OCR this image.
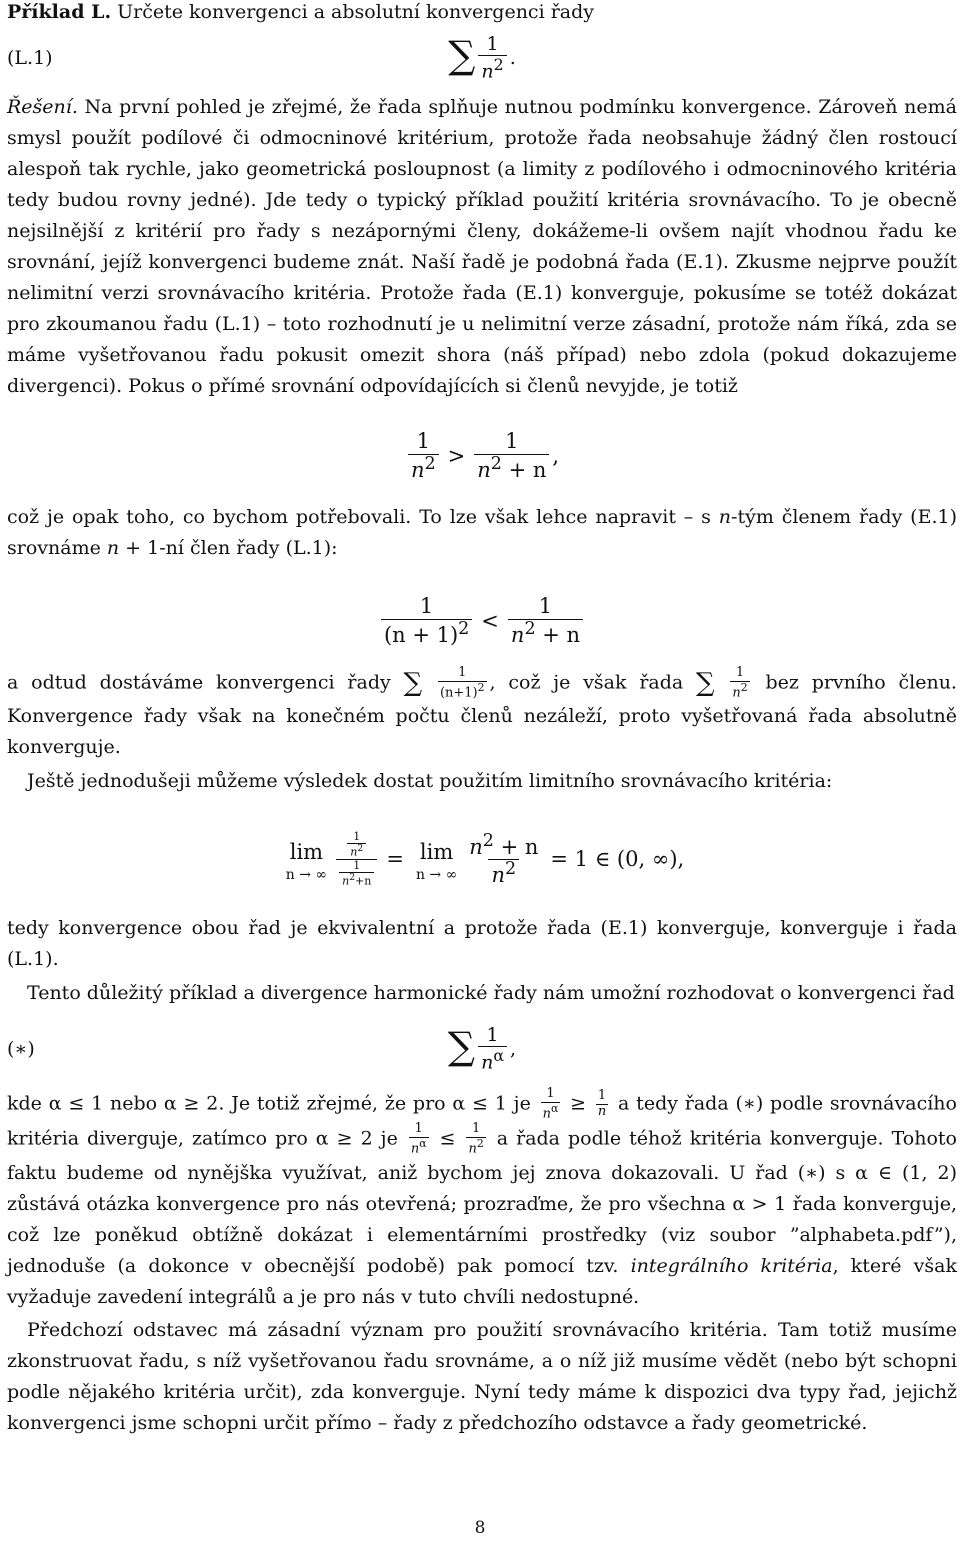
Příklad L. Určete konvergenci a absolutní konvergenci řady

(L.1)	∑ 1
$n^2$ .

Řešení. Na první pohled je zřejmé, že řada splňuje nutnou podmínku konvergence. Zároveň nemá smysl použít podílové či odmocninové kritérium, protože řada neobsahuje žádný člen rostoucí alespoň tak rychle, jako geometrická posloupnost (a limity z podílového i odmocninového kritéria tedy budou rovny jedné). Jde tedy o typický příklad použití kritéria srovnávacího. To je obecně nejsilnější z kritérií pro řady s nezápornými členy, dokážeme-li ovšem najít vhodnou řadu ke srovnání, jejíž konvergenci budeme znát. Naší řadě je podobná řada (E.1). Zkusme nejprve použít nelimitní verzi srovnávacího kritéria. Protože řada (E.1) konverguje, pokusíme se totéž dokázat pro zkoumanou řadu (L.1) – toto rozhodnutí je u nelimitní verze zásadní, protože nám říká, zda se máme vyšetřovanou řadu pokusit omezit shora (náš případ) nebo zdola (pokud dokazujeme divergenci). Pokus o přímé srovnání odpovídajících si členů nevyjde, je totiž

1
$n^2$ >
1
$n^2 + n$
,

což je opak toho, co bychom potřebovali. To lze však lehce napravit – s n-tým členem řady (E.1) srovnáme n + 1-ní člen řady (L.1):

1
$(n + 1)^2$ <
1
$n^2 + n$

a odtud dostáváme konvergenci řady ∑ $\frac{1}{(n+1)^2}$ , což je však řada ∑ $\frac{1}{n^2}$ bez prvního členu. Konvergence řady však na konečném počtu členů nezáleží, proto vyšetřovaná řada absolutně konverguje.

Ještě jednodušeji můžeme výsledek dostat použitím limitního srovnávacího kritéria:

lim
n → ∞ 1
$n^2$
1
$n^2+n = \lim$
n → ∞ $\frac{n^2 + n}{n^2} = 1$ ∈ (0, ∞),

tedy konvergence obou řad je ekvivalentní a protože řada (E.1) konverguje, konverguje i řada (L.1).

Tento důležitý příklad a divergence harmonické řady nám umožní rozhodovat o konvergenci řad

(∗)	∑ 1
$n^\alpha$ ,

kde α ≤ 1 nebo α ≥ 2. Je totiž zřejmé, že pro α ≤ 1 je $\frac{1}{n^\alpha} \ge \frac{1}{n}$ a tedy řada (∗) podle srovnávacího kritéria diverguje, zatímco pro α ≥ 2 je $\frac{1}{n^\alpha} \le \frac{1}{n^2}$ a řada podle téhož kritéria konverguje. Tohoto faktu budeme od nynějška využívat, aniž bychom jej znova dokazovali. U řad (∗) s α ∈ (1, 2) zůstává otázka konvergence pro nás otevřená; prozraďme, že pro všechna α > 1 řada konverguje, což lze poněkud obtížně dokázat i elementárními prostředky (viz soubor ”alphabeta.pdf”), jednoduše (a dokonce v obecnější podobě) pak pomocí tzv. integrálního kritéria, které však vyžaduje zavedení integrálů a je pro nás v tuto chvíli nedostupné.

Předchozí odstavec má zásadní význam pro použití srovnávacího kritéria. Tam totiž musíme zkonstruovat řadu, s níž vyšetřovanou řadu srovnáme, a o níž již musíme vědět (nebo být schopni podle nějakého kritéria určit), zda konverguje. Nyní tedy máme k dispozici dva typy řad, jejichž konvergenci jsme schopni určit přímo – řady z předchozího odstavce a řady geometrické.

8
